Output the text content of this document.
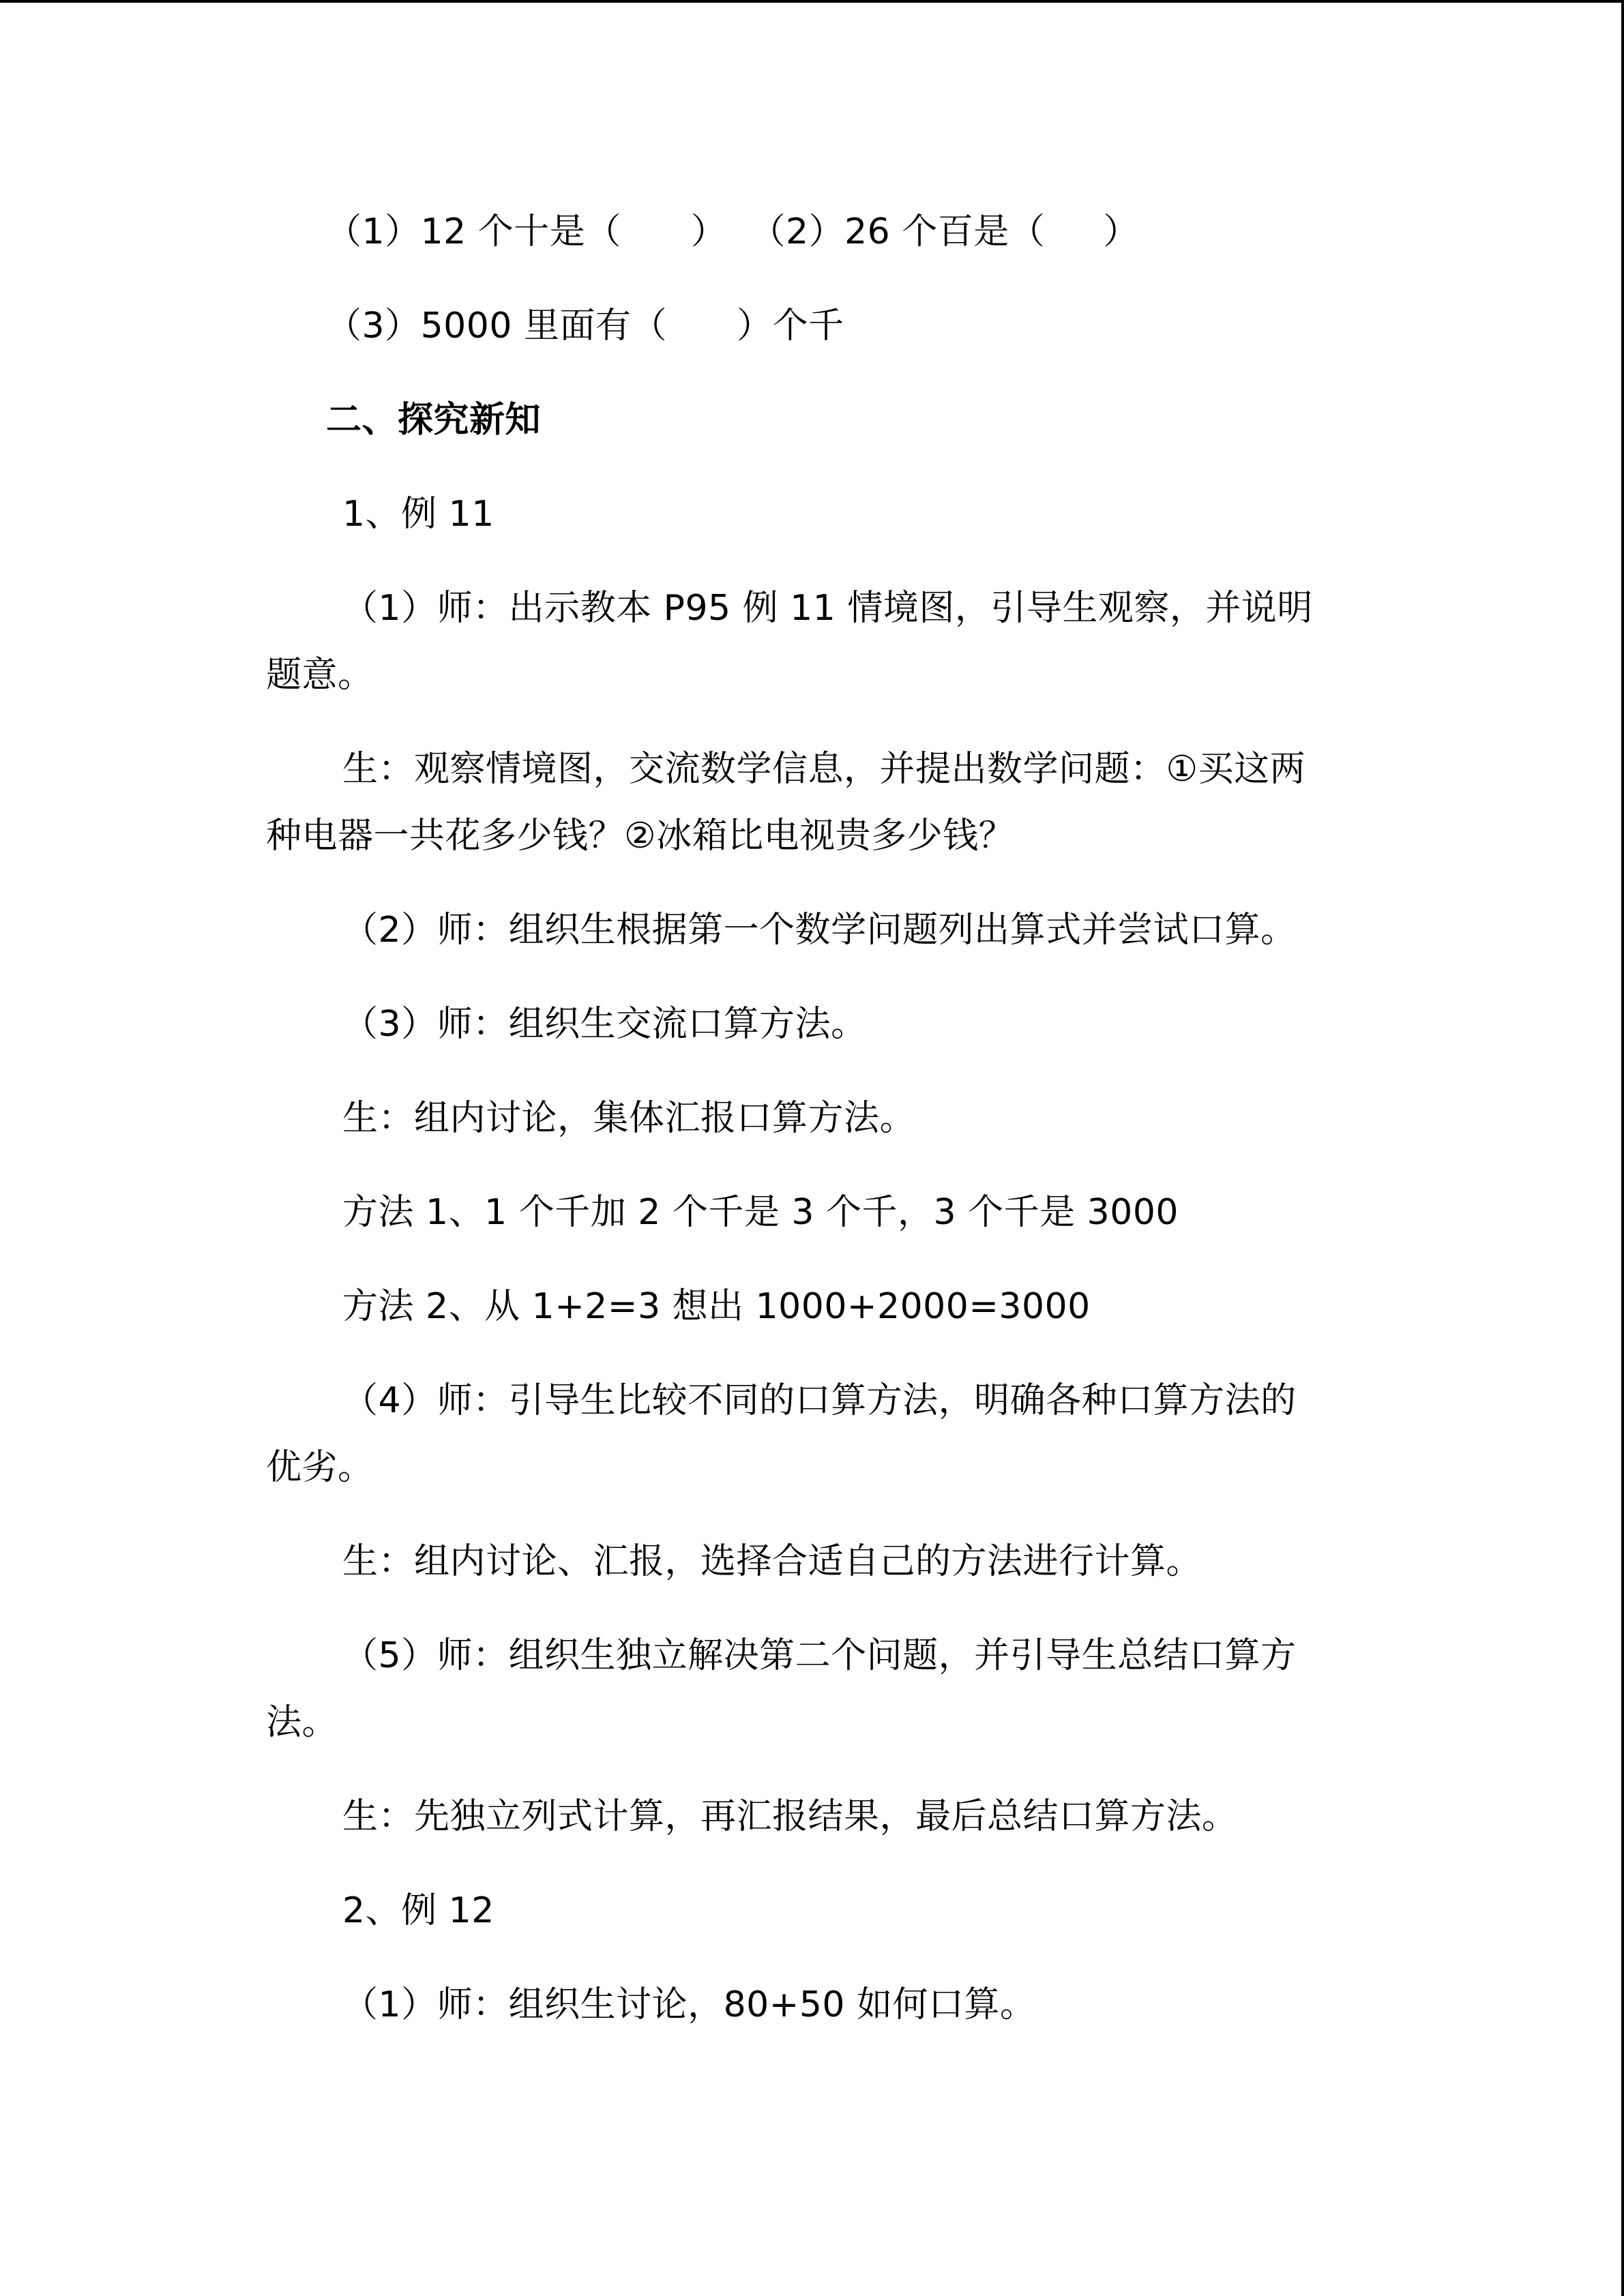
（1）12 个十是（      ）  （2）26 个百是（     ）
（3）5000 里面有（      ）个千
二、探究新知
1、例 11
（1）师：出示教本 P95 例 11 情境图，引导生观察，并说明
题意。
生：观察情境图，交流数学信息，并提出数学问题：①买这两
种电器一共花多少钱？②冰箱比电视贵多少钱？
（2）师：组织生根据第一个数学问题列出算式并尝试口算。
（3）师：组织生交流口算方法。
生：组内讨论，集体汇报口算方法。
方法 1、1 个千加 2 个千是 3 个千，3 个千是 3000
方法 2、从 1+2=3 想出 1000+2000=3000
（4）师：引导生比较不同的口算方法，明确各种口算方法的
优劣。
生：组内讨论、汇报，选择合适自己的方法进行计算。
（5）师：组织生独立解决第二个问题，并引导生总结口算方
法。
生：先独立列式计算，再汇报结果，最后总结口算方法。
2、例 12
（1）师：组织生讨论，80+50 如何口算。
